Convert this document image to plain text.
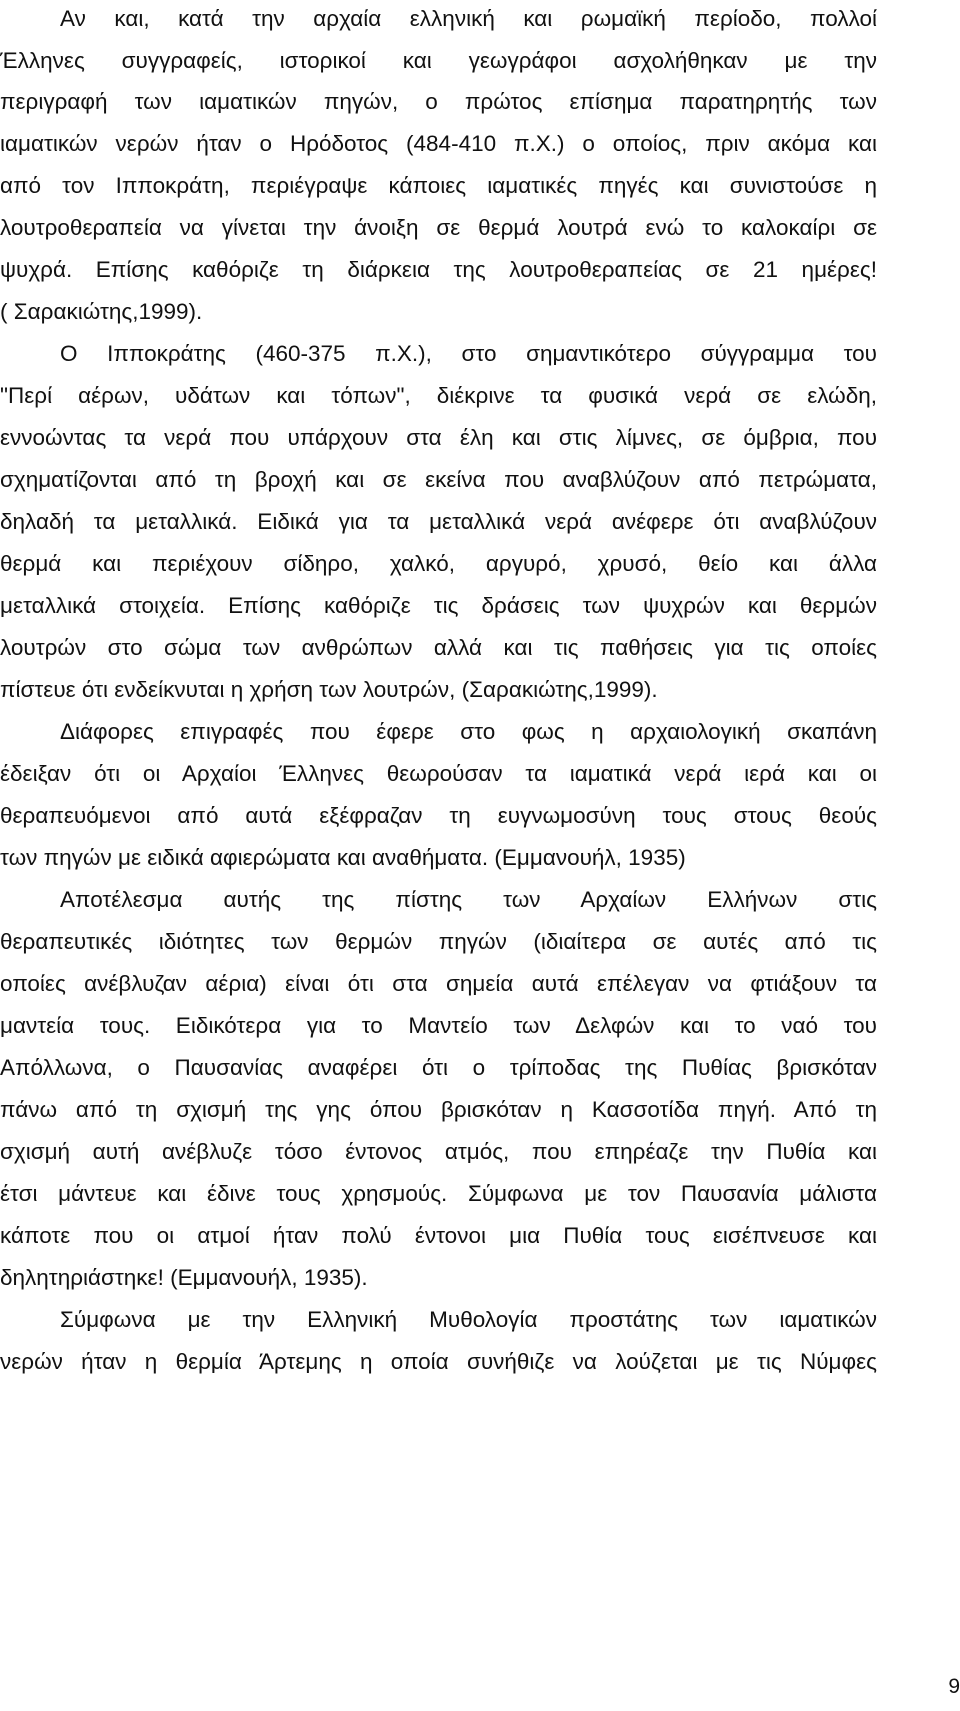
Αν και, κατά την αρχαία ελληνική και ρωμαϊκή περίοδο, πολλοί
Έλληνες συγγραφείς, ιστορικοί και γεωγράφοι ασχολήθηκαν με την
περιγραφή των ιαματικών πηγών, ο πρώτος επίσημα παρατηρητής των
ιαματικών νερών ήταν ο Ηρόδοτος (484-410 π.Χ.) ο οποίος, πριν ακόμα και
από τον Ιπποκράτη, περιέγραψε κάποιες ιαματικές πηγές και συνιστούσε η
λουτροθεραπεία να γίνεται την άνοιξη σε θερμά λουτρά ενώ το καλοκαίρι σε
ψυχρά. Επίσης καθόριζε τη διάρκεια της λουτροθεραπείας σε 21 ημέρες!
( Σαρακιώτης,1999).
Ο Ιπποκράτης (460-375 π.Χ.), στο σημαντικότερο σύγγραμμα του
"Περί αέρων, υδάτων και τόπων", διέκρινε τα φυσικά νερά σε ελώδη,
εννοώντας τα νερά που υπάρχουν στα έλη και στις λίμνες, σε όμβρια, που
σχηματίζονται από τη βροχή και σε εκείνα που αναβλύζουν από πετρώματα,
δηλαδή τα μεταλλικά. Ειδικά για τα μεταλλικά νερά ανέφερε ότι αναβλύζουν
θερμά και περιέχουν σίδηρο, χαλκό, αργυρό, χρυσό, θείο και άλλα
μεταλλικά στοιχεία. Επίσης καθόριζε τις δράσεις των ψυχρών και θερμών
λουτρών στο σώμα των ανθρώπων αλλά και τις παθήσεις για τις οποίες
πίστευε ότι ενδείκνυται η χρήση των λουτρών, (Σαρακιώτης,1999).
Διάφορες επιγραφές που έφερε στο φως η αρχαιολογική σκαπάνη
έδειξαν ότι οι Αρχαίοι Έλληνες θεωρούσαν τα ιαματικά νερά ιερά και οι
θεραπευόμενοι από αυτά εξέφραζαν τη ευγνωμοσύνη τους στους θεούς
των πηγών με ειδικά αφιερώματα και αναθήματα. (Εμμανουήλ, 1935)
Αποτέλεσμα αυτής της πίστης των Αρχαίων Ελλήνων στις
θεραπευτικές ιδιότητες των θερμών πηγών (ιδιαίτερα σε αυτές από τις
οποίες ανέβλυζαν αέρια) είναι ότι στα σημεία αυτά επέλεγαν να φτιάξουν τα
μαντεία τους. Ειδικότερα για το Μαντείο των Δελφών και το ναό του
Απόλλωνα, ο Παυσανίας αναφέρει ότι ο τρίποδας της Πυθίας βρισκόταν
πάνω από τη σχισμή της γης όπου βρισκόταν η Κασσοτίδα πηγή. Από τη
σχισμή αυτή ανέβλυζε τόσο έντονος ατμός, που επηρέαζε την Πυθία και
έτσι μάντευε και έδινε τους χρησμούς. Σύμφωνα με τον Παυσανία μάλιστα
κάποτε που οι ατμοί ήταν πολύ έντονοι μια Πυθία τους εισέπνευσε και
δηλητηριάστηκε! (Εμμανουήλ, 1935).
Σύμφωνα με την Ελληνική Μυθολογία προστάτης των ιαματικών
νερών ήταν η θερμία Άρτεμης η οποία συνήθιζε να λούζεται με τις Νύμφες
9
